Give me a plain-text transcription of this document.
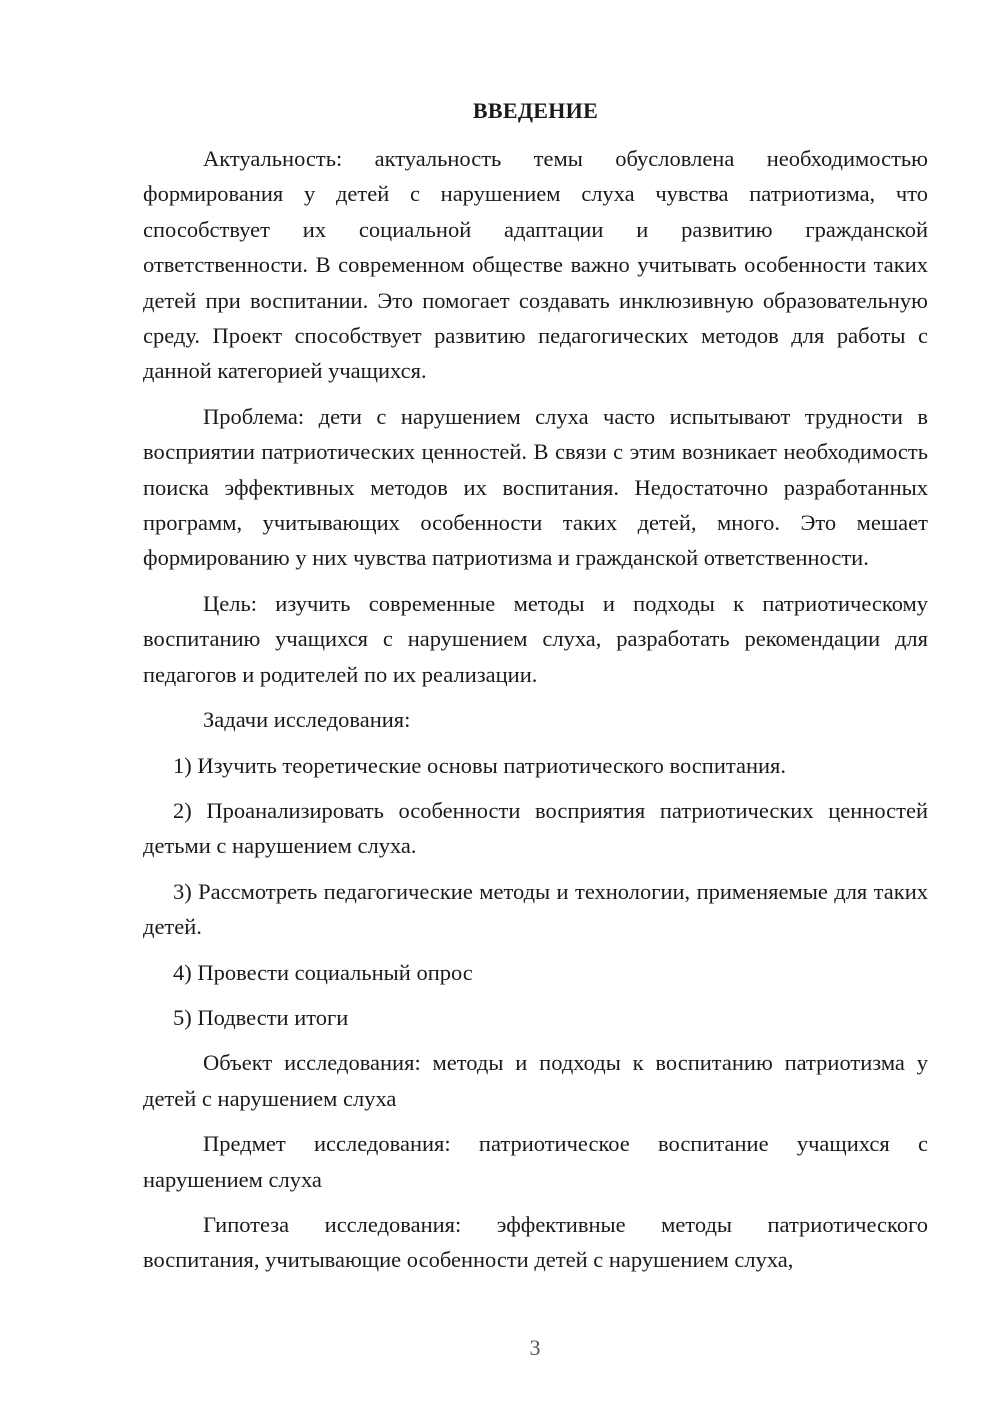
ВВЕДЕНИЕ

Актуальность: актуальность темы обусловлена необходимостью формирования у детей с нарушением слуха чувства патриотизма, что способствует их социальной адаптации и развитию гражданской ответственности. В современном обществе важно учитывать особенности таких детей при воспитании. Это помогает создавать инклюзивную образовательную среду. Проект способствует развитию педагогических методов для работы с данной категорией учащихся.

Проблема: дети с нарушением слуха часто испытывают трудности в восприятии патриотических ценностей. В связи с этим возникает необходимость поиска эффективных методов их воспитания. Недостаточно разработанных программ, учитывающих особенности таких детей, много. Это мешает формированию у них чувства патриотизма и гражданской ответственности.

Цель: изучить современные методы и подходы к патриотическому воспитанию учащихся с нарушением слуха, разработать рекомендации для педагогов и родителей по их реализации.

Задачи исследования:

1) Изучить теоретические основы патриотического воспитания.

2) Проанализировать особенности восприятия патриотических ценностей детьми с нарушением слуха.

3) Рассмотреть педагогические методы и технологии, применяемые для таких детей.

4) Провести социальный опрос

5) Подвести итоги

Объект исследования: методы и подходы к воспитанию патриотизма у детей с нарушением слуха

Предмет исследования: патриотическое воспитание учащихся с нарушением слуха

Гипотеза исследования: эффективные методы патриотического воспитания, учитывающие особенности детей с нарушением слуха,

3
